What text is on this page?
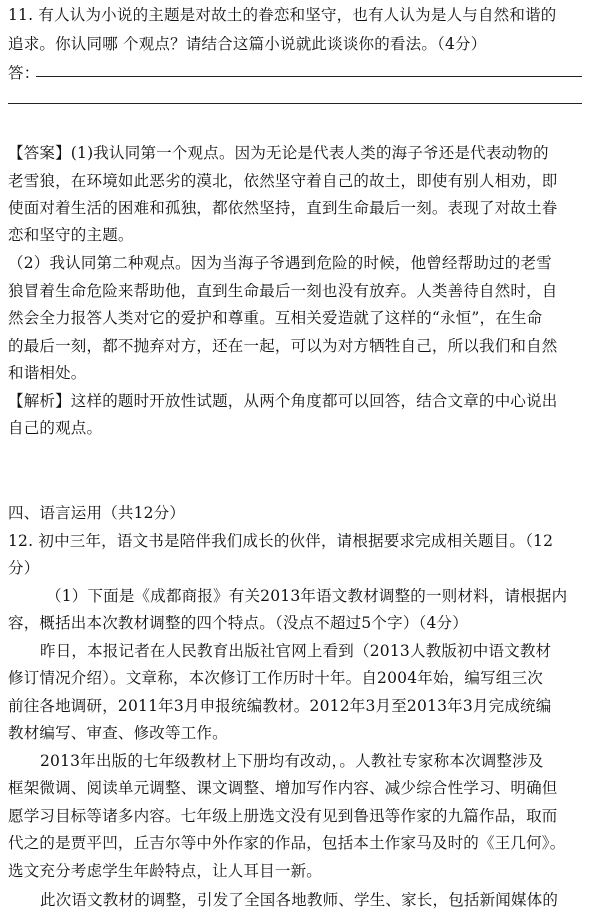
11. 有人认为小说的主题是对故土的眷恋和坚守，也有人认为是人与自然和谐的
追求。你认同哪 个观点？请结合这篇小说就此谈谈你的看法。（4分）
答：
【答案】(1)我认同第一个观点。因为无论是代表人类的海子爷还是代表动物的
老雪狼，在环境如此恶劣的漠北，依然坚守着自己的故土，即使有别人相劝，即
使面对着生活的困难和孤独，都依然坚持，直到生命最后一刻。表现了对故土眷
恋和坚守的主题。
（2）我认同第二种观点。因为当海子爷遇到危险的时候，他曾经帮助过的老雪
狼冒着生命危险来帮助他，直到生命最后一刻也没有放弃。人类善待自然时，自
然会全力报答人类对它的爱护和尊重。互相关爱造就了这样的“永恒”，在生命
的最后一刻，都不抛弃对方，还在一起，可以为对方牺牲自己，所以我们和自然
和谐相处。
【解析】这样的题时开放性试题，从两个角度都可以回答，结合文章的中心说出
自己的观点。
四、语言运用（共12分）
12. 初中三年，语文书是陪伴我们成长的伙伴，请根据要求完成相关题目。（12
分）
（1）下面是《成都商报》有关2013年语文教材调整的一则材料，请根据内
容，概括出本次教材调整的四个特点。（没点不超过5个字）（4分）
昨日，本报记者在人民教育出版社官网上看到（2013人教版初中语文教材
修订情况介绍）。文章称，本次修订工作历时十年。自2004年始，编写组三次
前往各地调研，2011年3月申报统编教材。2012年3月至2013年3月完成统编
教材编写、审查、修改等工作。
2013年出版的七年级教材上下册均有改动，。人教社专家称本次调整涉及
框架微调、阅读单元调整、课文调整、增加写作内容、减少综合性学习、明确但
愿学习目标等诸多内容。七年级上册选文没有见到鲁迅等作家的九篇作品，取而
代之的是贾平凹，丘吉尔等中外作家的作品，包括本土作家马及时的《王几何》。
选文充分考虑学生年龄特点，让人耳目一新。
此次语文教材的调整，引发了全国各地教师、学生、家长，包括新闻媒体的
